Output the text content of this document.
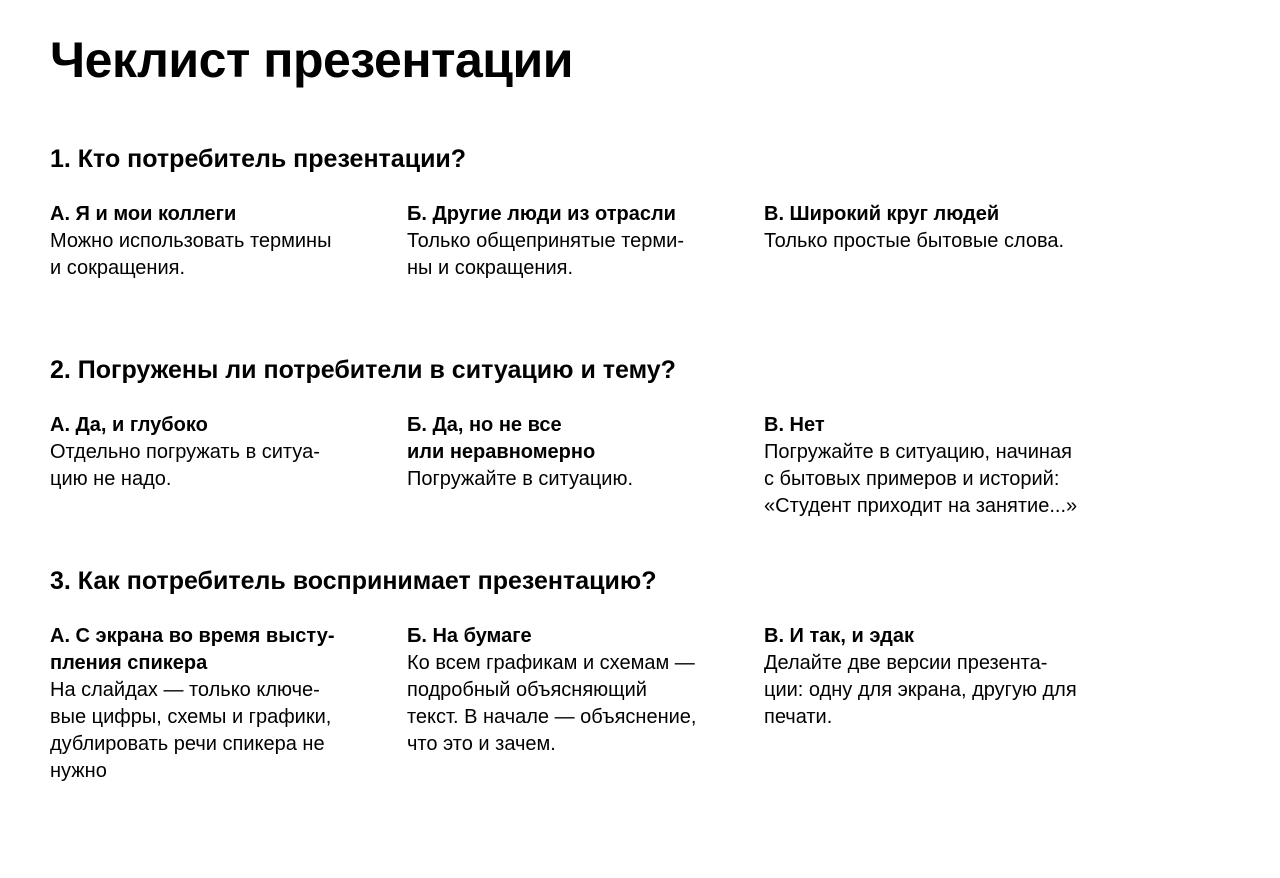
Чеклист презентации
1. Кто потребитель презентации?
А. Я и мои коллеги
Можно использовать термины
и сокращения.
Б. Другие люди из отрасли
Только общепринятые терми-
ны и сокращения.
В. Широкий круг людей
Только простые бытовые слова.
2. Погружены ли потребители в ситуацию и тему?
А. Да, и глубоко
Отдельно погружать в ситуа-
цию не надо.
Б. Да, но не все
или неравномерно
Погружайте в ситуацию.
В. Нет
Погружайте в ситуацию, начиная
с бытовых примеров и историй:
«Студент приходит на занятие...»
3. Как потребитель воспринимает презентацию?
А. С экрана во время высту-
пления спикера
На слайдах — только ключе-
вые цифры, схемы и графики,
дублировать речи спикера не
нужно
Б. На бумаге
Ко всем графикам и схемам —
подробный объясняющий
текст. В начале — объяснение,
что это и зачем.
В. И так, и эдак
Делайте две версии презента-
ции: одну для экрана, другую для
печати.
